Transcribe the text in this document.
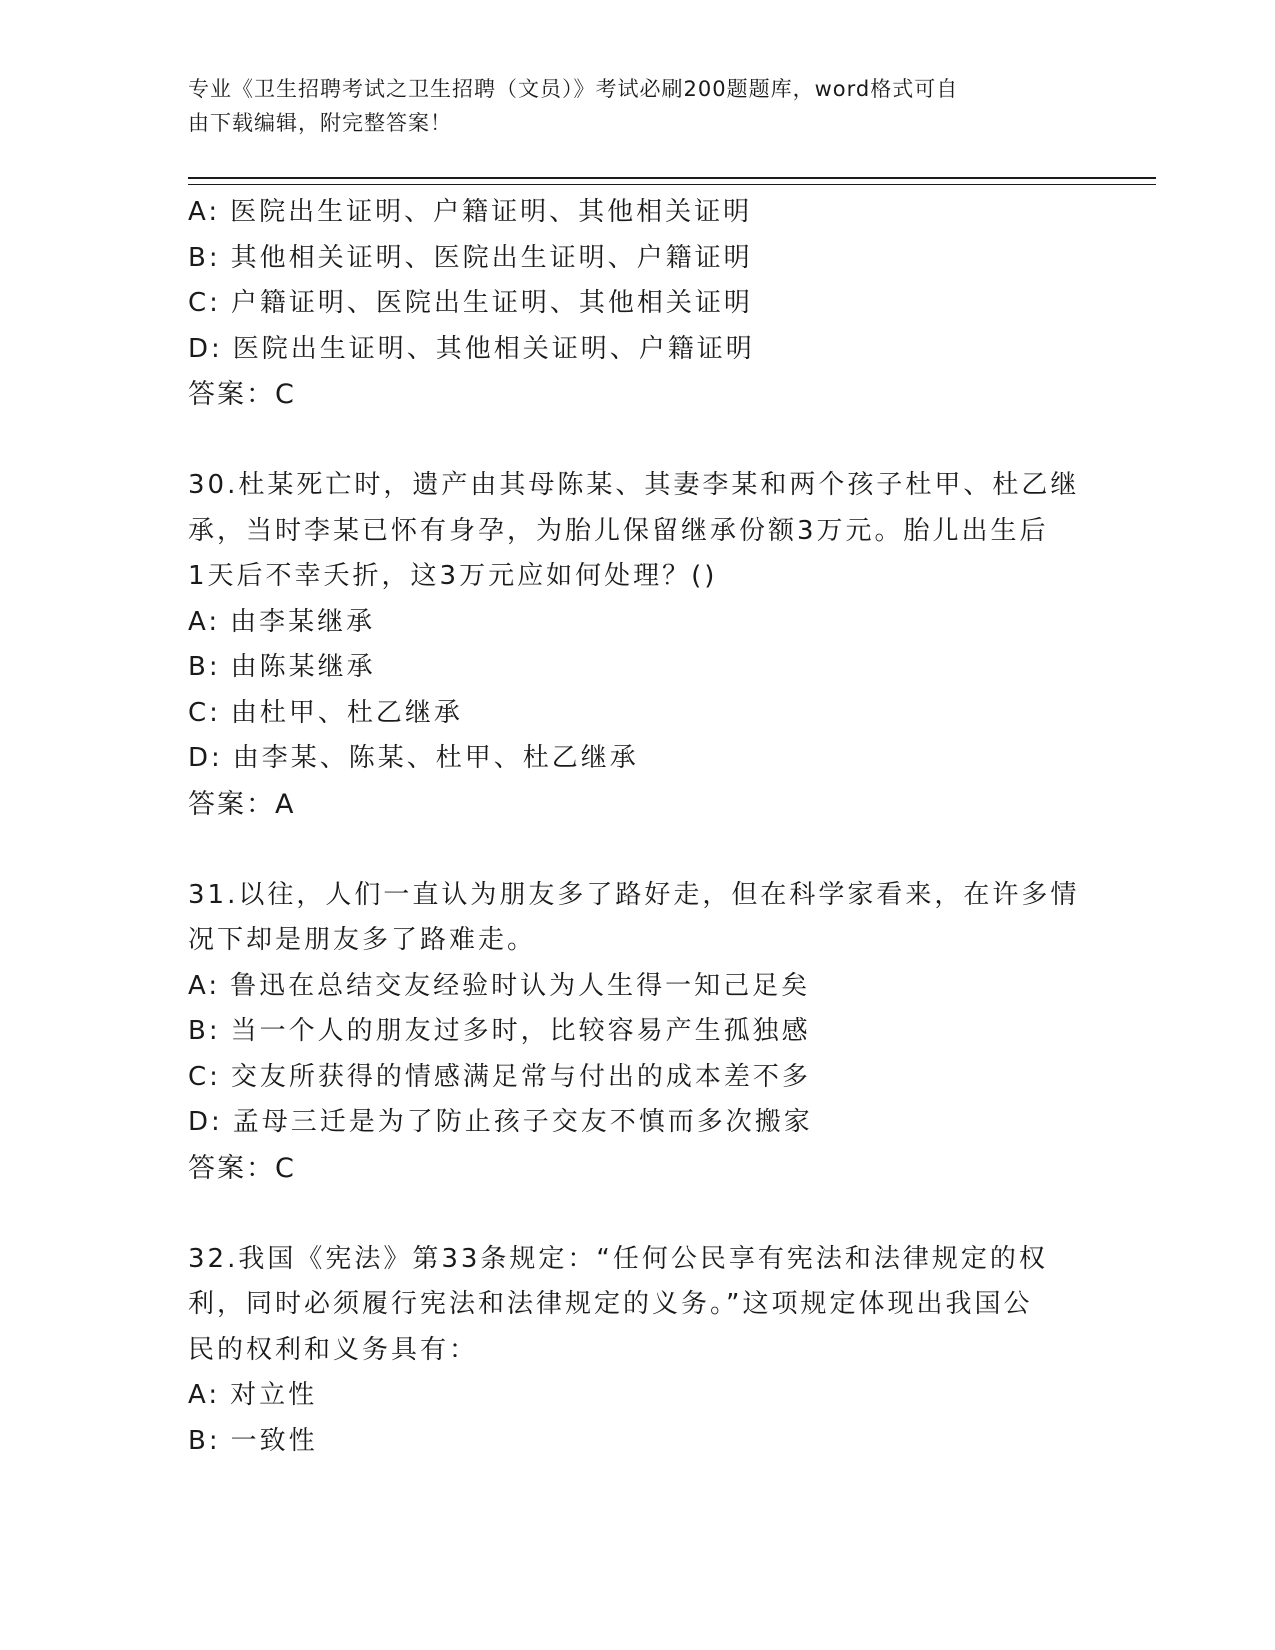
专业《卫生招聘考试之卫生招聘（文员）》考试必刷200题题库，word格式可自
由下载编辑，附完整答案！
A: 医院出生证明、户籍证明、其他相关证明
B: 其他相关证明、医院出生证明、户籍证明
C: 户籍证明、医院出生证明、其他相关证明
D: 医院出生证明、其他相关证明、户籍证明
答案：C
30.杜某死亡时，遗产由其母陈某、其妻李某和两个孩子杜甲、杜乙继
承，当时李某已怀有身孕，为胎儿保留继承份额3万元。胎儿出生后
1天后不幸夭折，这3万元应如何处理？()
A: 由李某继承
B: 由陈某继承
C: 由杜甲、杜乙继承
D: 由李某、陈某、杜甲、杜乙继承
答案：A
31.以往，人们一直认为朋友多了路好走，但在科学家看来，在许多情
况下却是朋友多了路难走。
A: 鲁迅在总结交友经验时认为人生得一知己足矣
B: 当一个人的朋友过多时，比较容易产生孤独感
C: 交友所获得的情感满足常与付出的成本差不多
D: 孟母三迁是为了防止孩子交友不慎而多次搬家
答案：C
32.我国《宪法》第33条规定：“任何公民享有宪法和法律规定的权
利，同时必须履行宪法和法律规定的义务。”这项规定体现出我国公
民的权利和义务具有：
A: 对立性
B: 一致性
